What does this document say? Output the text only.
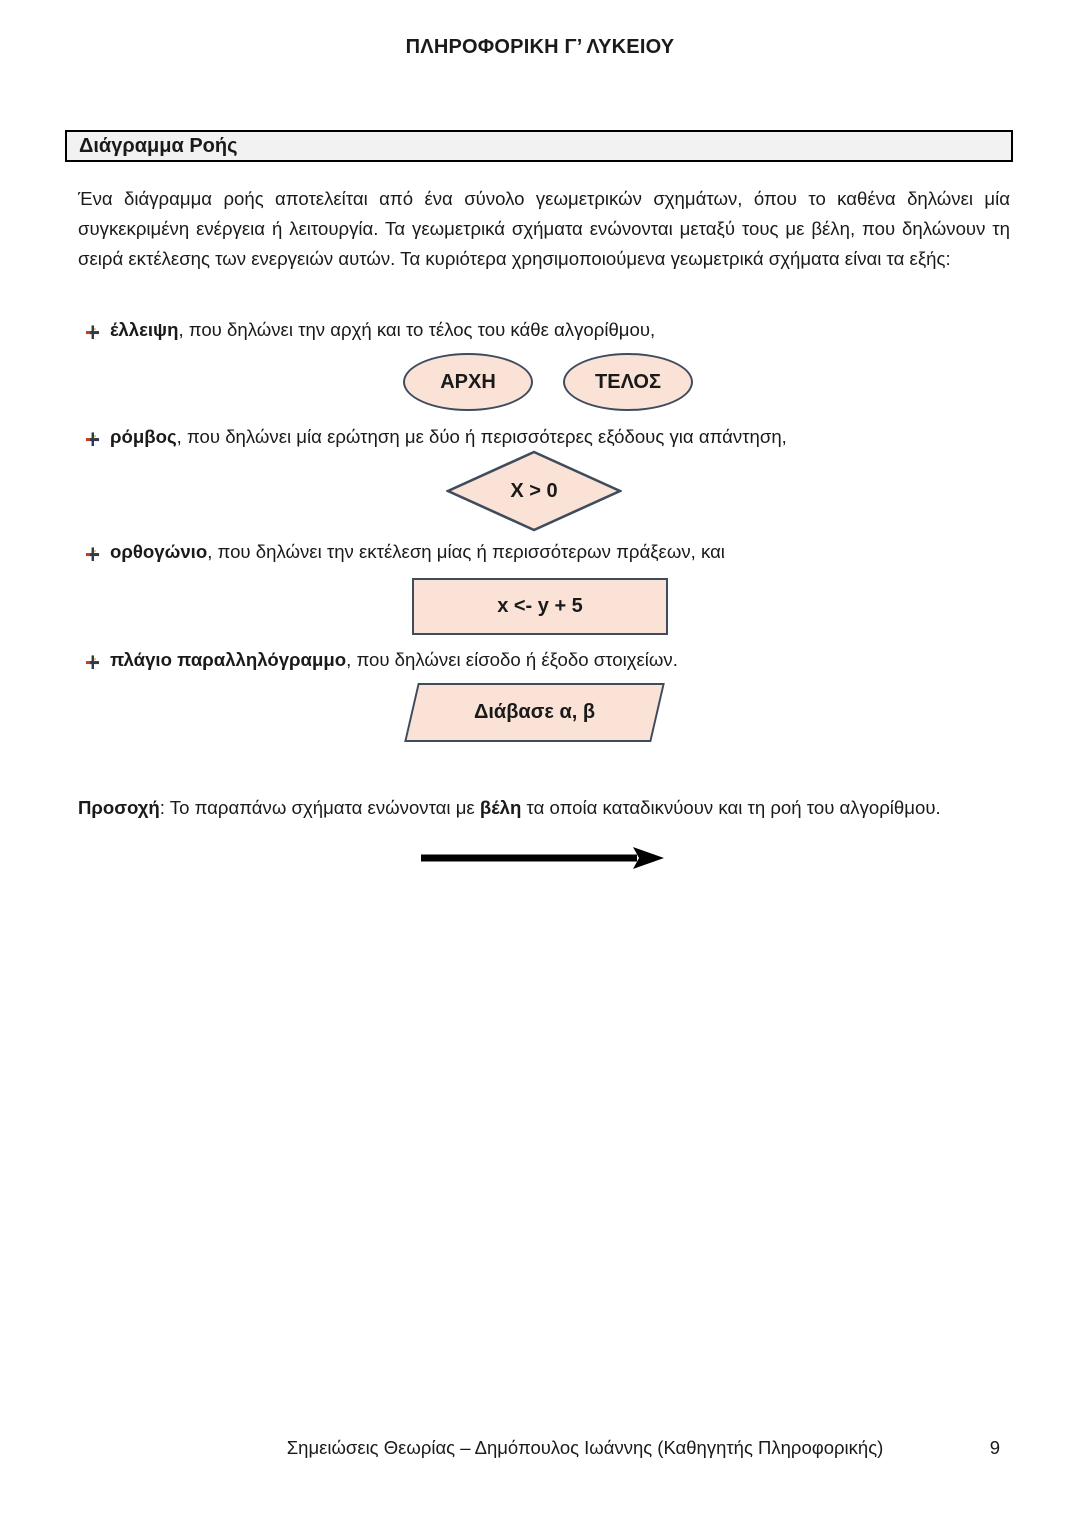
ΠΛΗΡΟΦΟΡΙΚΗ Γ’ ΛΥΚΕΙΟΥ
Διάγραμμα Ροής

Ένα διάγραμμα ροής αποτελείται από ένα σύνολο γεωμετρικών σχημάτων, όπου το καθένα δηλώνει μία συγκεκριμένη ενέργεια ή λειτουργία. Τα γεωμετρικά σχήματα ενώνονται μεταξύ τους με βέλη, που δηλώνουν τη σειρά εκτέλεσης των ενεργειών αυτών. Τα κυριότερα χρησιμοποιούμενα γεωμετρικά σχήματα είναι τα εξής:

έλλειψη, που δηλώνει την αρχή και το τέλος του κάθε αλγορίθμου,
ΑΡΧΗ	ΤΕΛΟΣ
ρόμβος, που δηλώνει μία ερώτηση με δύο ή περισσότερες εξόδους για απάντηση,
X > 0
ορθογώνιο, που δηλώνει την εκτέλεση μίας ή περισσότερων πράξεων, και
x <- y + 5
πλάγιο παραλληλόγραμμο, που δηλώνει είσοδο ή έξοδο στοιχείων.
Διάβασε α, β

Προσοχή: Το παραπάνω σχήματα ενώνονται με βέλη τα οποία καταδικνύουν και τη ροή του αλγορίθμου.

Σημειώσεις Θεωρίας – Δημόπουλος Ιωάννης (Καθηγητής Πληροφορικής)	9
